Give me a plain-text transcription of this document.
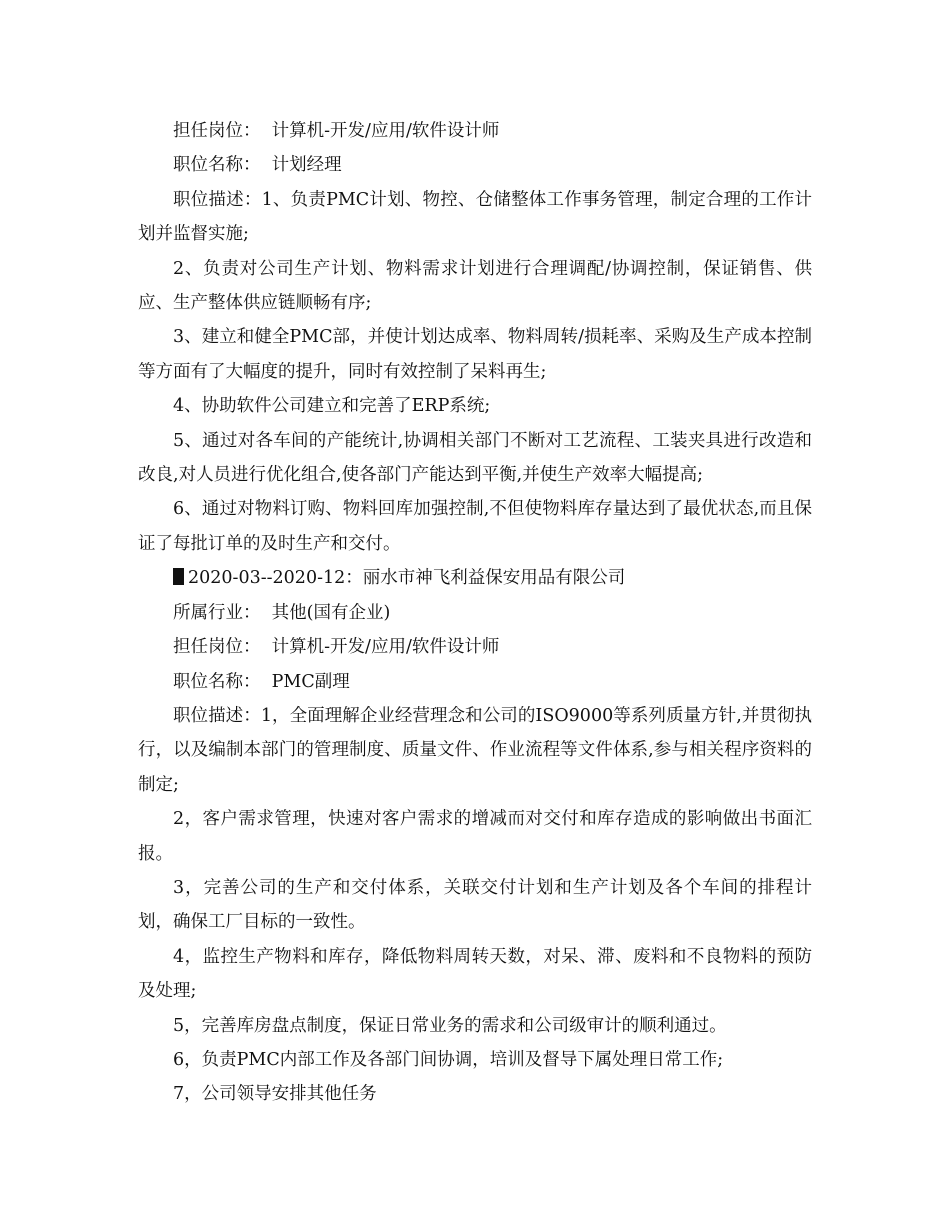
担任岗位： 计算机-开发/应用/软件设计师

职位名称： 计划经理

职位描述：1、负责PMC计划、物控、仓储整体工作事务管理，制定合理的工作计划并监督实施;

2、负责对公司生产计划、物料需求计划进行合理调配/协调控制，保证销售、供应、生产整体供应链顺畅有序;

3、建立和健全PMC部，并使计划达成率、物料周转/损耗率、采购及生产成本控制等方面有了大幅度的提升，同时有效控制了呆料再生;

4、协助软件公司建立和完善了ERP系统;

5、通过对各车间的产能统计,协调相关部门不断对工艺流程、工装夹具进行改造和改良,对人员进行优化组合,使各部门产能达到平衡,并使生产效率大幅提高;

6、通过对物料订购、物料回库加强控制,不但使物料库存量达到了最优状态,而且保证了每批订单的及时生产和交付。

2020-03--2020-12：丽水市神飞利益保安用品有限公司

所属行业： 其他(国有企业)

担任岗位： 计算机-开发/应用/软件设计师

职位名称： PMC副理

职位描述：1，全面理解企业经营理念和公司的ISO9000等系列质量方针,并贯彻执行，以及编制本部门的管理制度、质量文件、作业流程等文件体系,参与相关程序资料的制定;

2，客户需求管理，快速对客户需求的增减而对交付和库存造成的影响做出书面汇报。

3，完善公司的生产和交付体系，关联交付计划和生产计划及各个车间的排程计划，确保工厂目标的一致性。

4，监控生产物料和库存，降低物料周转天数，对呆、滞、废料和不良物料的预防及处理;

5，完善库房盘点制度，保证日常业务的需求和公司级审计的顺利通过。

6，负责PMC内部工作及各部门间协调，培训及督导下属处理日常工作;

7，公司领导安排其他任务
